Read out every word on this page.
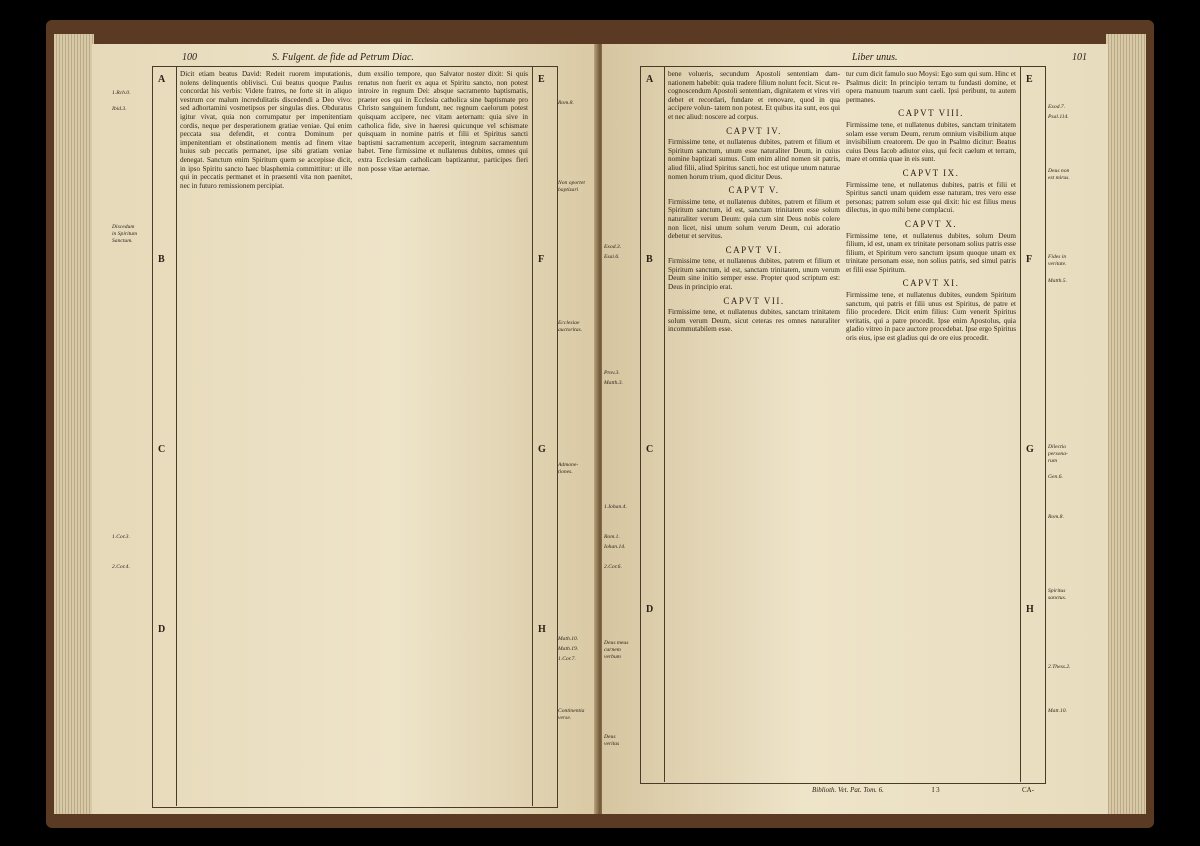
100	S. Fulgent. de fide ad Petrum Diac.
A
B
C
D
E
F
G
H
1.Rch.0.
Ibid.3.
Discedum
in Spiritum
Sanctum.
1.Cor.3.
2.Cor.4.
Rom.8.
Non oportet
baptizari
Ecclesiae
auctoritas.
Admone-
tiones.
Math.10.
Math.19.
1.Cor.7.
Continentia
verse.

Dicit etiam beatus David: Redeit ruorem imputationis, nolens delinquentis oblivisci. Cui beatus quoque Paulus concordat his verbis: Videte fratres, ne forte sit in aliquo vestrum cor malum incredulitatis discedendi a Deo vivo: sed adhortamini vosmetipsos per singulas dies. Obduratus igitur vivat, quia non corrumpatur per impenitentiam cordis, neque per desperationem gratiae veniae. Qui enim peccata sua defendit, et contra Dominum per impenitentiam et obstinationem mentis ad finem vitae huius sub peccatis permanet, ipse sibi gratiam veniae denegat. Sanctum enim Spiritum quem se accepisse dicit, in ipso Spiritu sancto haec blasphemia committitur: ut ille qui in peccatis permanet et in praesenti vita non paenitet, nec in futuro remissionem percipiat.

dum exsilio tempore, quo Salvator noster dixit: Si quis renatus non fuerit ex aqua et Spiritu sancto, non potest introire in regnum Dei: absque sacramento baptismatis, praeter eos qui in Ecclesia catholica sine baptismate pro Christo sanguinem fundunt, nec regnum caelorum potest quisquam accipere, nec vitam aeternam: quia sive in catholica fide, sive in haeresi quicunque vel schismate quisquam in nomine patris et filii et Spiritus sancti baptismi sacramentum acceperit, integrum sacramentum habet. Tene firmissime et nullatenus dubites, omnes qui extra Ecclesiam catholicam baptizantur, participes fieri non posse vitae aeternae.

Liber unus.	101
A
B
C
D
E
F
G
H
Exod.3.
Esai.6.
Prov.3.
Matth.3.
1.Iohan.4.
Rom.1.
Iohan.14.
2.Cor.6.
Deus meus
carnem
verbum
Deus
veritas
Exod.7.
Psal.114.
Deus non
est mirus.
Fides in
veritate.
Matth.5.
Dilectio
persona-
rum
Gen.6.
Rom.8.
Spiritus
sanctus.
2.Thess.2.
Matt.10.

bene volueris, secundum Apostoli sententiam dam- nationem habebit: quia tradere filium nolunt fecit. Sicut re- cognoscendum Apostoli sententiam, dignitatem et vires viri debet et recordari, fundare et renovare, quod in qua accipere volun- tatem non potest. Et quibus ita sunt, eos qui et nec aliud: noscere ad corpus.

CAPVT IV.

Firmissime tene, et nullatenus dubites, patrem et filium et Spiritum sanctum, unum esse naturaliter Deum, in cuius nomine baptizati sumus. Cum enim alind nomen sit patris, aliud filii, aliud Spiritus sancti, hoc est utique unum naturae nomen horum trium, quod dicitur Deus.

CAPVT V.

Firmissime tene, et nullatenus dubites, patrem et filium et Spiritum sanctum, id est, sanctam trinitatem esse solum naturaliter verum Deum: quia cum sint Deus nobis colere non licet, nisi unum solum verum Deum, cui adoratio debetur et servitus.

CAPVT VI.

Firmissime tene, et nullatenus dubites, patrem et filium et Spiritum sanctum, id est, sanctam trinitatem, unum verum Deum sine initio semper esse. Propter quod scriptum est: Deus in principio erat.

CAPVT VII.

Firmissime tene, et nullatenus dubites, sanctam trinitatem solum verum Deum, sicut ceteras res omnes naturaliter incommutabilem esse.

tur cum dicit famulo suo Moysi: Ego sum qui sum. Hinc et Psalmus dicit: In principio terram tu fundasti domine, et opera manuum tuarum sunt caeli. Ipsi peribunt, tu autem permanes.

CAPVT VIII.

Firmissime tene, et nullatenus dubites, sanctam trinitatem solam esse verum Deum, rerum omnium visibilium atque invisibilium creatorem. De quo in Psalmo dicitur: Beatus cuius Deus Iacob adiutor eius, qui fecit caelum et terram, mare et omnia quae in eis sunt.

CAPVT IX.

Firmissime tene, et nullatenus dubites, patris et filii et Spiritus sancti unam quidem esse naturam, tres vero esse personas; patrem solum esse qui dixit: hic est filius meus dilectus, in quo mihi bene complacui.

CAPVT X.

Firmissime tene, et nullatenus dubites, solum Deum filium, id est, unam ex trinitate personam solius patris esse filium, et Spiritum vero sanctum ipsum quoque unam ex trinitate personam esse, non solius patris, sed simul patris et filii esse Spiritum.

CAPVT XI.

Firmissime tene, et nullatenus dubites, eundem Spiritum sanctum, qui patris et filii unus est Spiritus, de patre et filio procedere. Dicit enim filius: Cum venerit Spiritus veritatis, qui a patre procedit. Ipse enim Apostolus, quia gladio vitreo in pace auctore procedebat. Ipse ergo Spiritus oris eius, ipse est gladius qui de ore eius procedit.

Biblioth. Vet. Pat. Tom. 6.	I 3	CA-
